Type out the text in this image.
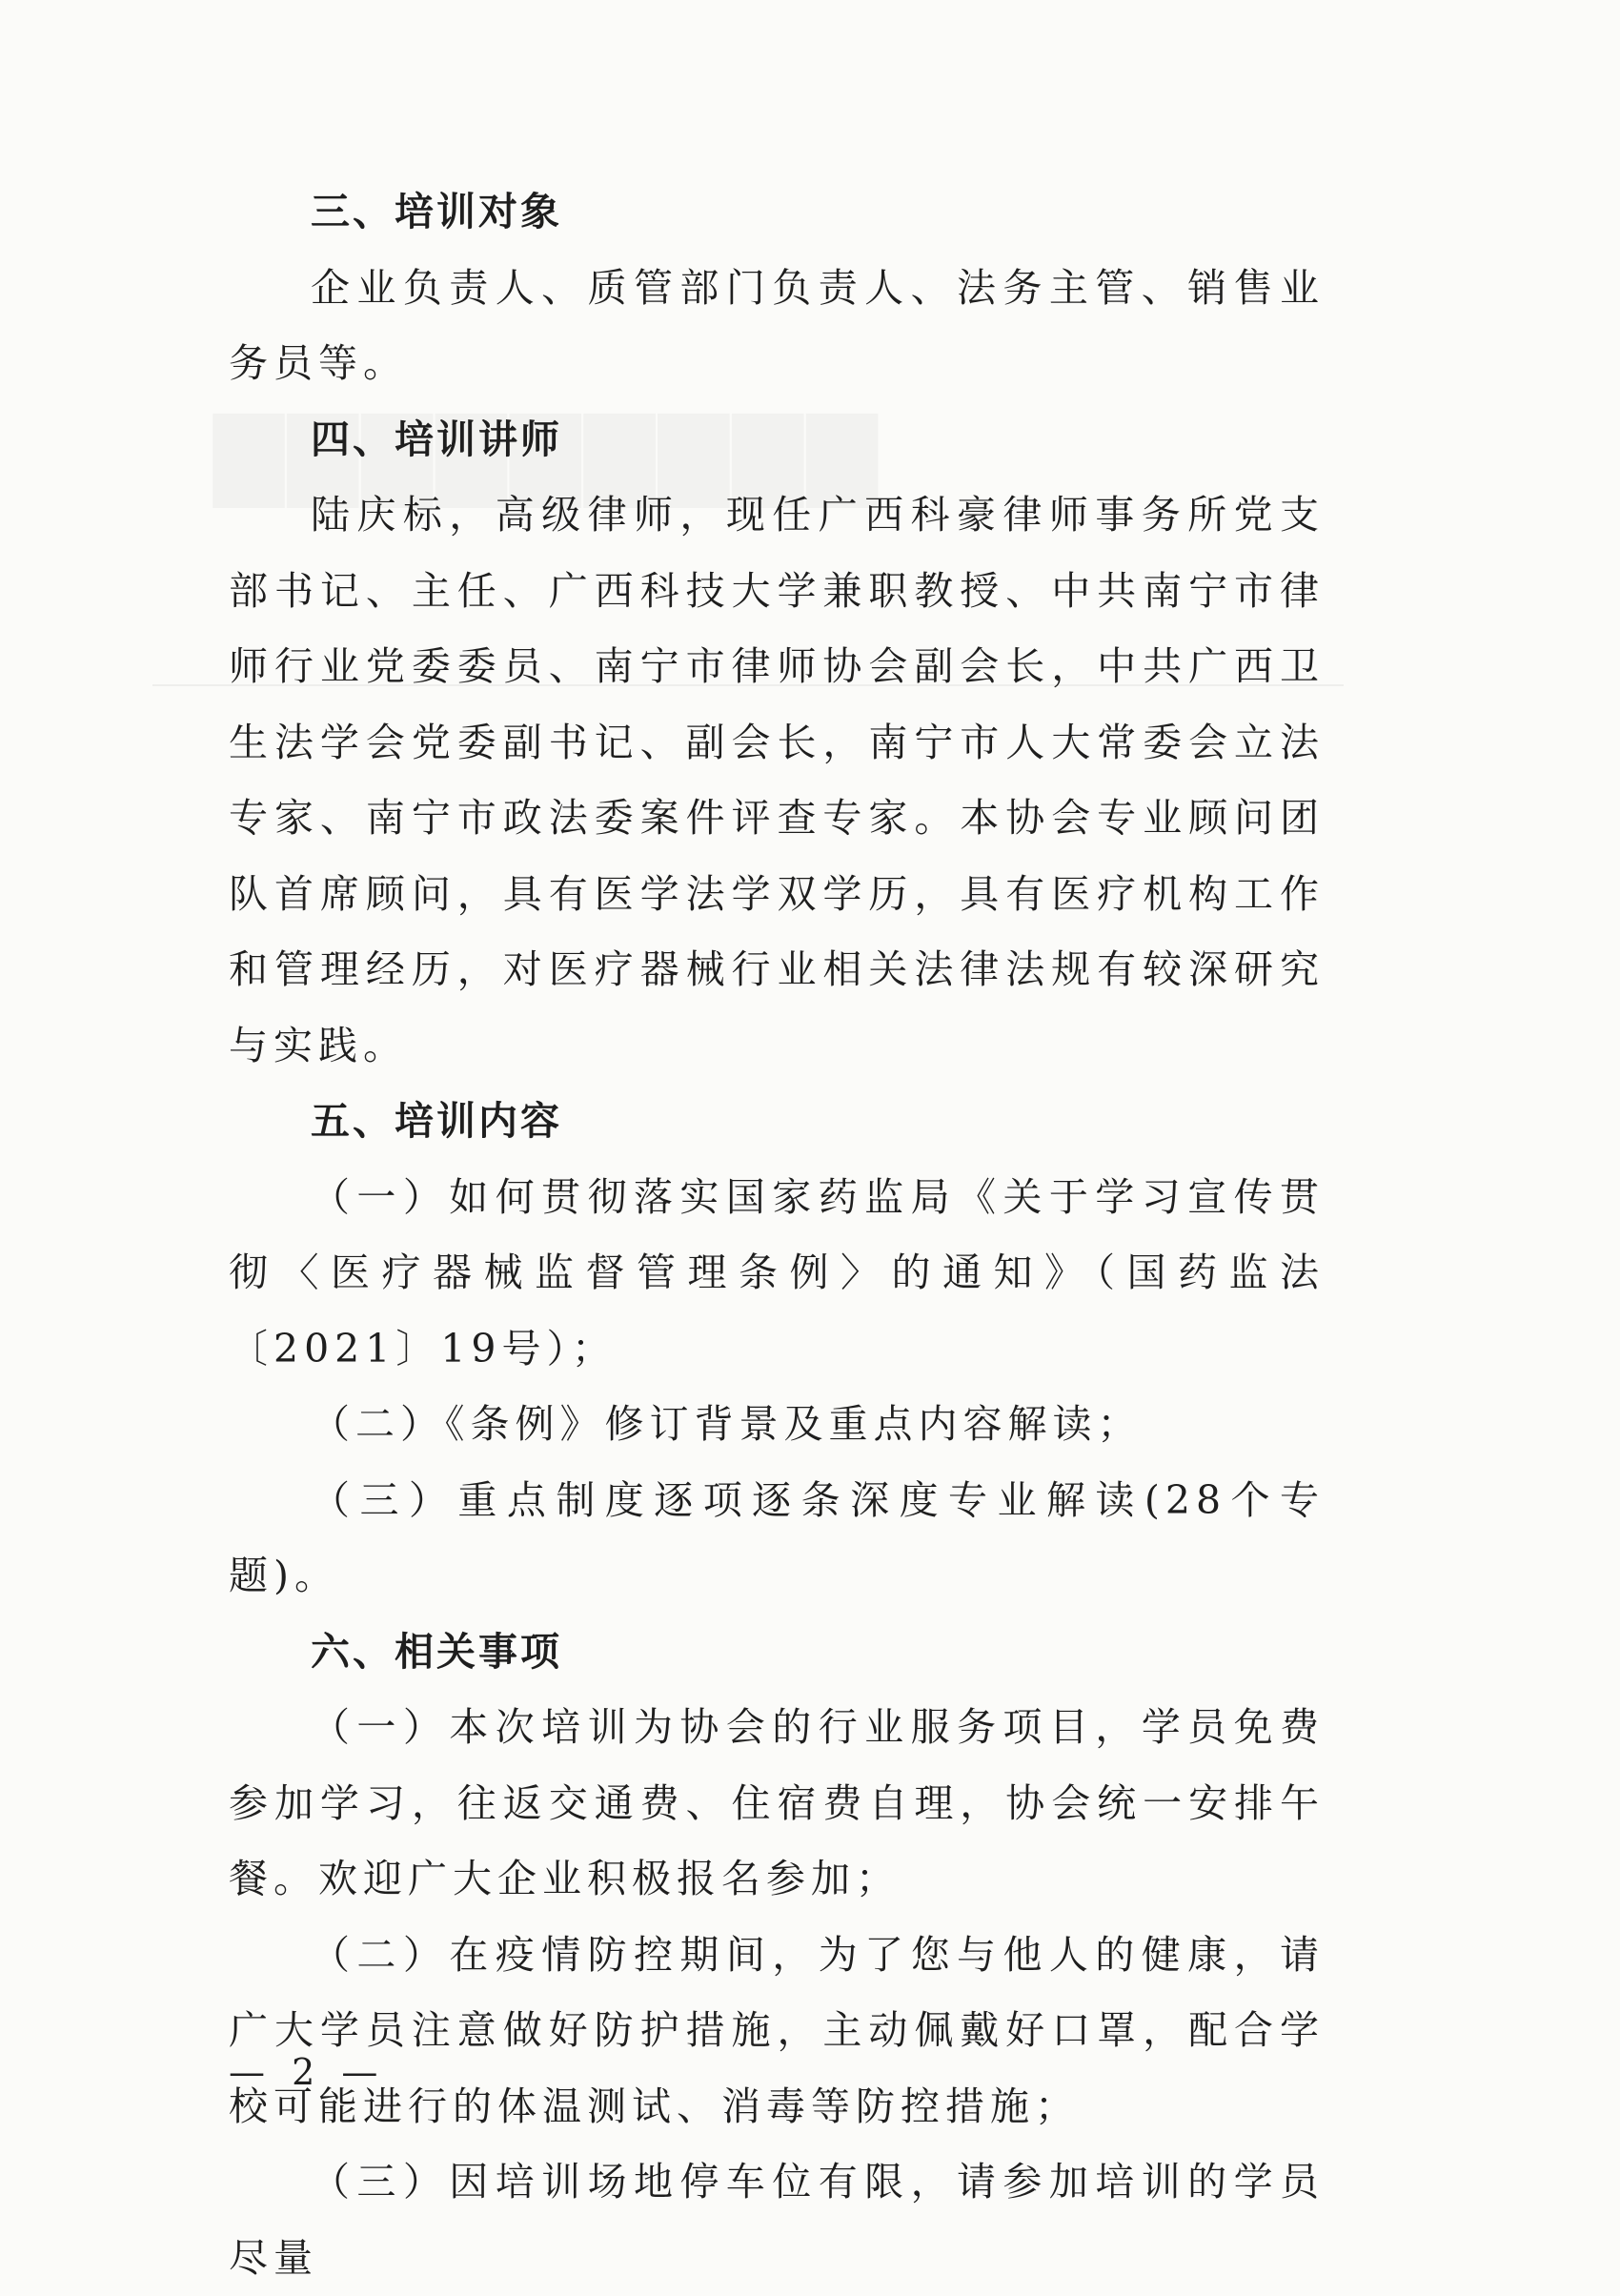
三、培训对象

企业负责人、质管部门负责人、法务主管、销售业务员等。

四、培训讲师

陆庆标，高级律师，现任广西科豪律师事务所党支部书记、主任、广西科技大学兼职教授、中共南宁市律师行业党委委员、南宁市律师协会副会长，中共广西卫生法学会党委副书记、副会长，南宁市人大常委会立法专家、南宁市政法委案件评查专家。本协会专业顾问团队首席顾问，具有医学法学双学历，具有医疗机构工作和管理经历，对医疗器械行业相关法律法规有较深研究与实践。

五、培训内容

（一）如何贯彻落实国家药监局《关于学习宣传贯彻〈医疗器械监督管理条例〉的通知》（国药监法〔2021〕19号）；

（二）《条例》修订背景及重点内容解读；

（三）重点制度逐项逐条深度专业解读(28个专题)。

六、相关事项

（一）本次培训为协会的行业服务项目，学员免费参加学习，往返交通费、住宿费自理，协会统一安排午餐。欢迎广大企业积极报名参加；

（二）在疫情防控期间，为了您与他人的健康，请广大学员注意做好防护措施，主动佩戴好口罩，配合学校可能进行的体温测试、消毒等防控措施；

（三）因培训场地停车位有限，请参加培训的学员尽量

— 2 —
